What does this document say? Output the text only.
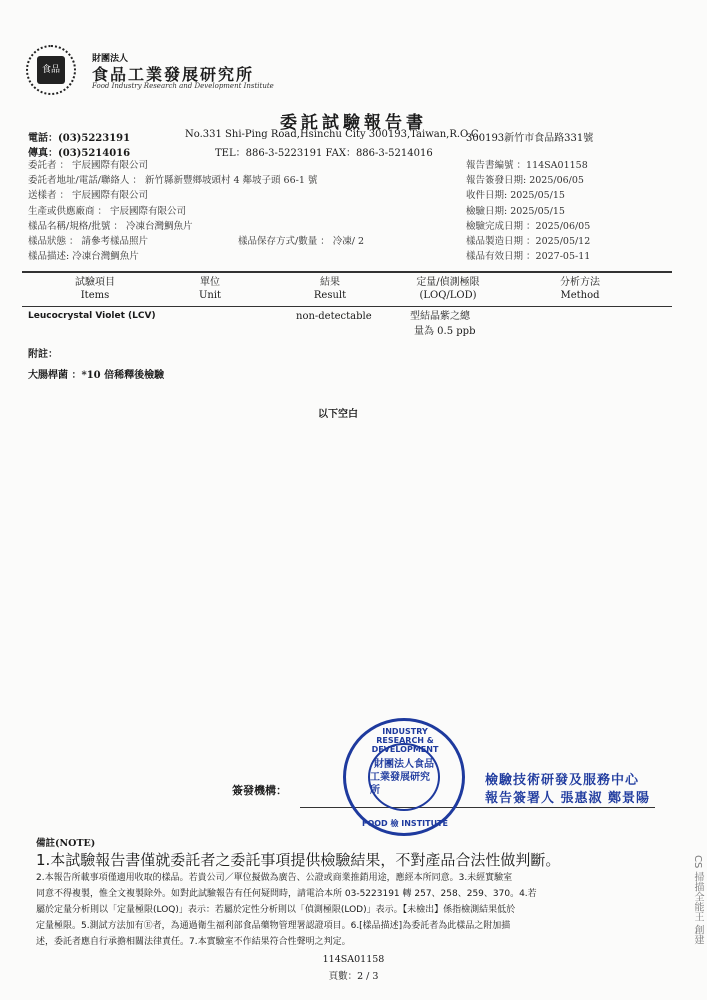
食品
財團法人
食品工業發展研究所
Food Industry Research and Development Institute
委託試驗報告書
電話：(03)5223191
傳真：(03)5214016
No.331 Shi-Ping Road,Hsinchu City 300193,Taiwan,R.O.C.
TEL：886-3-5223191 FAX：886-3-5214016
300193新竹市食品路331號
委託者 ： 宇辰國際有限公司
委託者地址/電話/聯絡人 ： 新竹縣新豐鄉坡頭村 4 鄰坡子頭 66-1 號
送樣者 ： 宇辰國際有限公司
生產或供應廠商 ： 宇辰國際有限公司
樣品名稱/規格/批號 ： 冷凍台灣鯛魚片
樣品狀態 ： 請參考樣品照片
樣品描述: 冷凍台灣鯛魚片
樣品保存方式/數量 ： 冷凍/ 2
報告書編號 ：114SA01158
報告簽發日期: 2025/06/05
收件日期: 2025/05/15
檢驗日期: 2025/05/15
檢驗完成日期 ：2025/06/05
樣品製造日期 ：2025/05/12
樣品有效日期 ：2027-05-11
試驗項目
Items
單位
Unit
結果
Result
定量/偵測極限
(LOQ/LOD)
分析方法
Method
Leucocrystal Violet (LCV)	non-detectable	型結晶紫之總
量為 0.5 ppb
附註：
大腸桿菌 ：*10 倍稀釋後檢驗
以下空白
簽發機構：
INDUSTRY RESEARCH & DEVELOPMENT
財團法人食品
工業發展研究所
FOOD 檢 INSTITUTE
檢驗技術研發及服務中心
報告簽署人 張惠淑 鄭景陽
備註(NOTE)
1.本試驗報告書僅就委託者之委託事項提供檢驗結果，不對產品合法性做判斷。
2.本報告所載事項僅適用收取的樣品。若貴公司／單位擬做為廣告、公證或商業推銷用途，應經本所同意。3.未經實驗室
同意不得複製，惟全文複製除外。如對此試驗報告有任何疑問時，請電洽本所 03-5223191 轉 257、258、259、370。4.若
屬於定量分析則以「定量極限(LOQ)」表示：若屬於定性分析則以「偵測極限(LOD)」表示。【未檢出】係指檢測結果低於
定量極限。5.測試方法加有Ⓔ者，為通過衛生福利部食品藥物管理署認證項目。6.[樣品描述]為委託者為此樣品之附加描
述，委託者應自行承擔相關法律責任。7.本實驗室不作結果符合性聲明之判定。
114SA01158
頁數：2 / 3
CS 掃描全能王 創建
